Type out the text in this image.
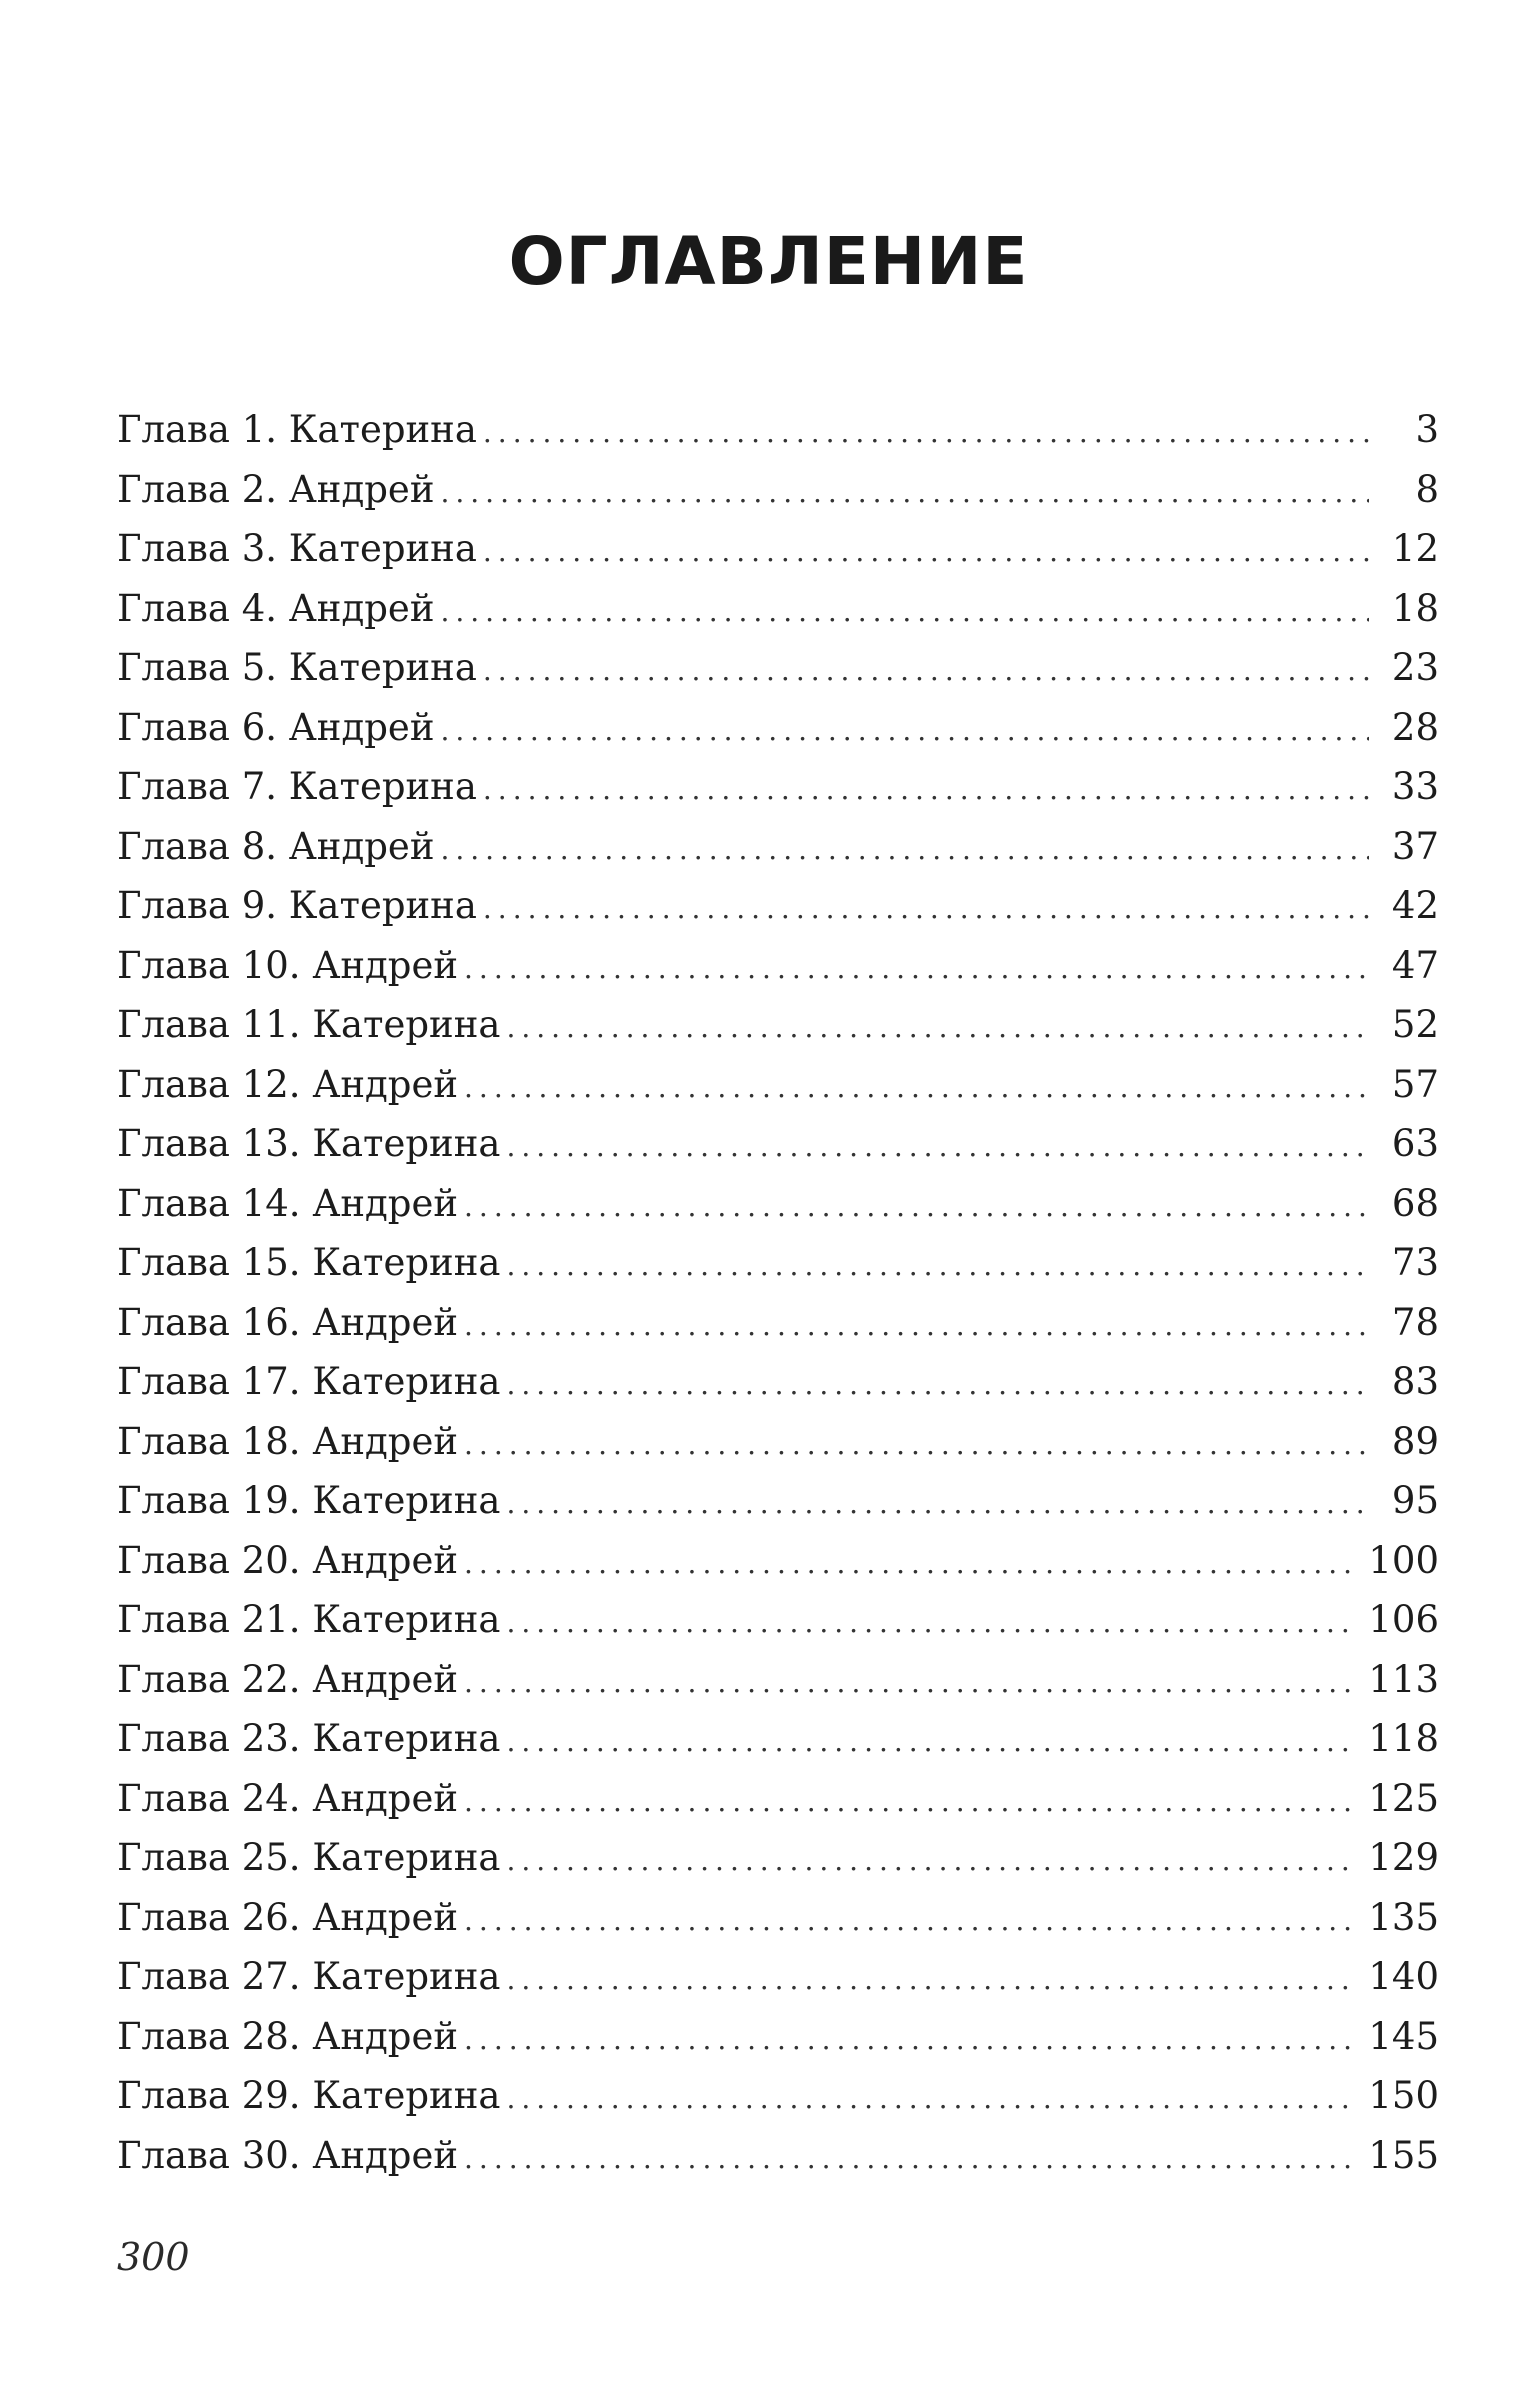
ОГЛАВЛЕНИЕ
Глава 1. Катерина .....	3
Глава 2. Андрей .....	8
Глава 3. Катерина .....	12
Глава 4. Андрей .....	18
Глава 5. Катерина .....	23
Глава 6. Андрей .....	28
Глава 7. Катерина .....	33
Глава 8. Андрей .....	37
Глава 9. Катерина .....	42
Глава 10. Андрей .....	47
Глава 11. Катерина .....	52
Глава 12. Андрей .....	57
Глава 13. Катерина .....	63
Глава 14. Андрей .....	68
Глава 15. Катерина .....	73
Глава 16. Андрей .....	78
Глава 17. Катерина .....	83
Глава 18. Андрей .....	89
Глава 19. Катерина .....	95
Глава 20. Андрей .....	100
Глава 21. Катерина .....	106
Глава 22. Андрей .....	113
Глава 23. Катерина .....	118
Глава 24. Андрей .....	125
Глава 25. Катерина .....	129
Глава 26. Андрей .....	135
Глава 27. Катерина .....	140
Глава 28. Андрей .....	145
Глава 29. Катерина .....	150
Глава 30. Андрей .....	155
300
